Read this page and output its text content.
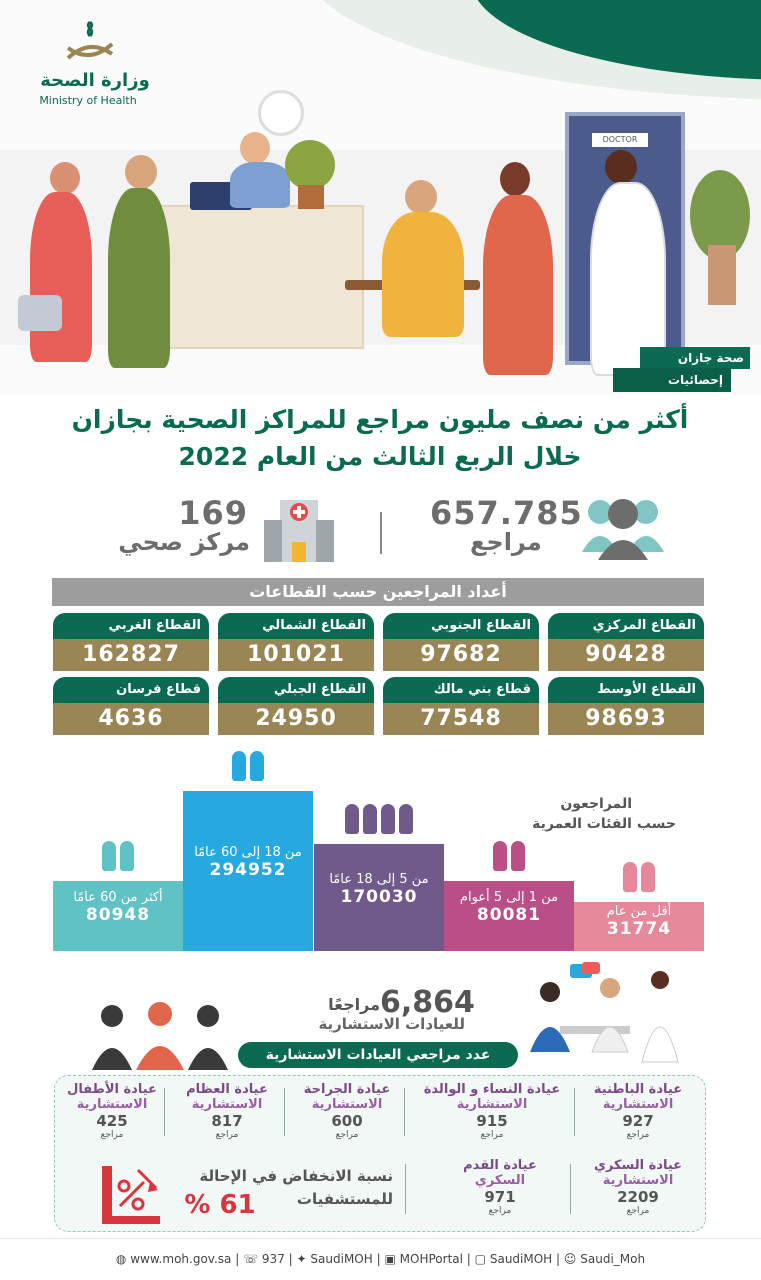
DOCTOR
صحة جازان
إحصائيات
وزارة الصحة
Ministry of Health
أكثر من نصف مليون مراجع للمراكز الصحية بجازان
خلال الربع الثالث من العام 2022
657.785
مراجع
169
مركز صحي
أعداد المراجعين حسب القطاعات
القطاع المركزي
90428
القطاع الجنوبي
97682
القطاع الشمالي
101021
القطاع الغربي
162827
القطاع الأوسط
98693
قطاع بني مالك
77548
القطاع الجبلي
24950
قطاع فرسان
4636
المراجعون
حسب الفئات العمرية
أقل من عام
31774
من 1 إلى 5 أعوام
80081
من 5 إلى 18 عامًا
170030
من 18 إلى 60 عامًا
294952
أكثر من 60 عامًا
80948
6,864
مراجعًا
للعيادات الاستشارية
عدد مراجعي العيادات الاستشارية
عيادة الباطنية
الاستشارية
927
مراجع
عيادة النساء و الوالدة
الاستشارية
915
مراجع
عيادة الجراحة
الاستشارية
600
مراجع
عيادة العظام
الاستشارية
817
مراجع
عيادة الأطفال
الاستشارية
425
مراجع
عيادة السكري
الاستشارية
2209
مراجع
عيادة القدم
السكري
971
مراجع
نسبة الانخفاض في الإحالة
للمستشفيات
% 61
◍ www.moh.gov.sa | ☏ 937 | ✦ SaudiMOH | ▣ MOHPortal | ▢ SaudiMOH | ☺ Saudi_Moh
